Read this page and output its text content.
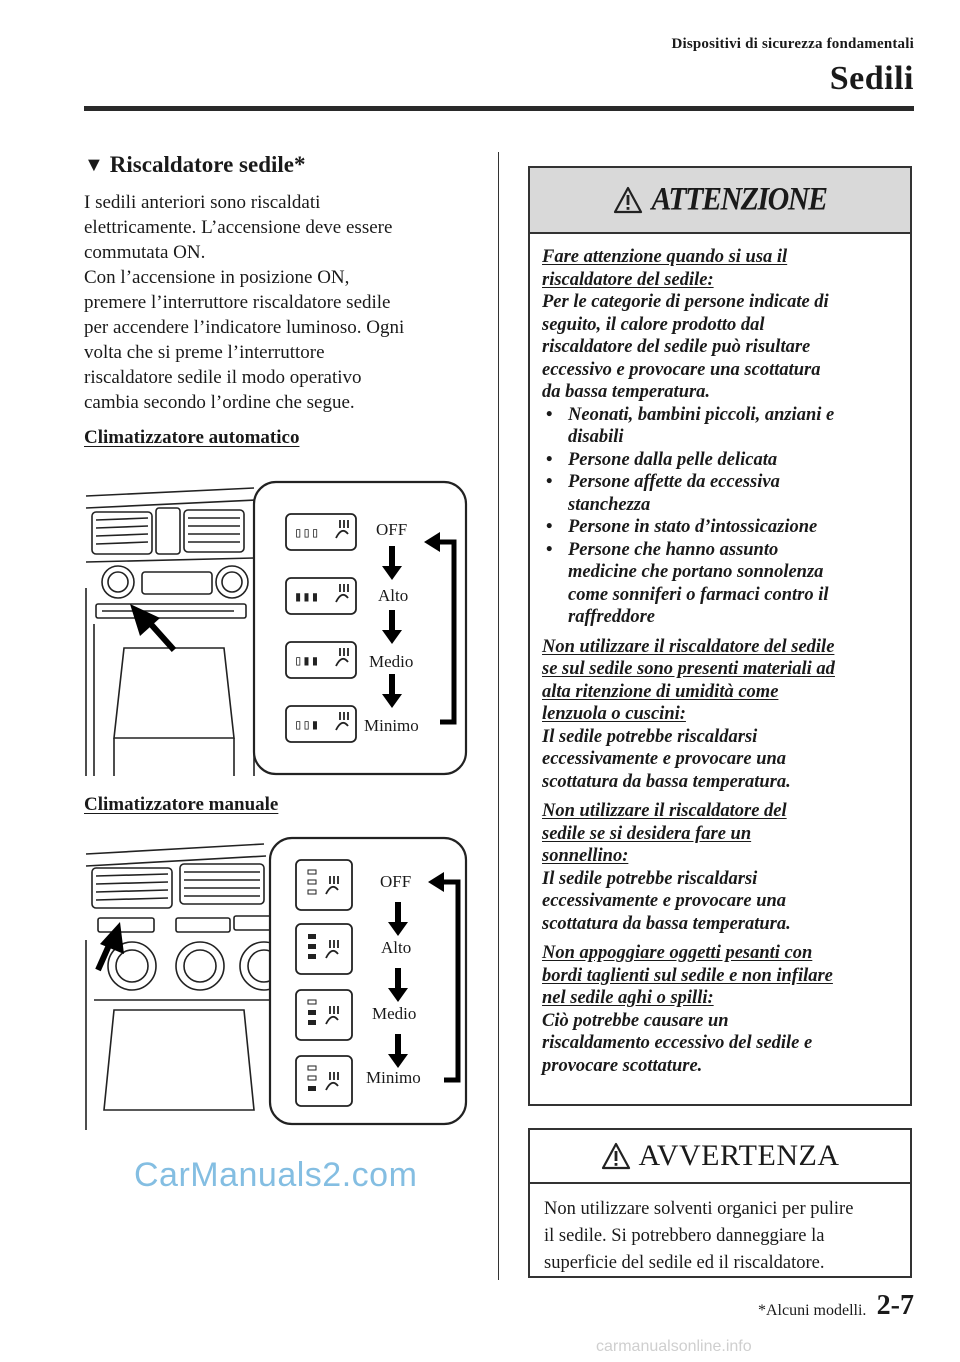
Dispositivi di sicurezza fondamentali
Sedili
▼ Riscaldatore sedile*
I sedili anteriori sono riscaldati
elettricamente. L’accensione deve essere
commutata ON.
Con l’accensione in posizione ON,
premere l’interruttore riscaldatore sedile
per accendere l’indicatore luminoso. Ogni
volta che si preme l’interruttore
riscaldatore sedile il modo operativo
cambia secondo l’ordine che segue.
Climatizzatore automatico
▯▯▯
▮▮▮
▯▮▮
▯▯▮
OFF
Alto
Medio
Minimo
Climatizzatore manuale
OFF
Alto
Medio
Minimo
ATTENZIONE
Fare attenzione quando si usa il
riscaldatore del sedile:
Per le categorie di persone indicate di
seguito, il calore prodotto dal
riscaldatore del sedile può risultare
eccessivo e provocare una scottatura
da bassa temperatura.
• Neonati, bambini piccoli, anziani e
disabili
• Persone dalla pelle delicata
• Persone affette da eccessiva
stanchezza
• Persone in stato d’intossicazione
• Persone che hanno assunto
medicine che portano sonnolenza
come sonniferi o farmaci contro il
raffreddore
Non utilizzare il riscaldatore del sedile
se sul sedile sono presenti materiali ad
alta ritenzione di umidità come
lenzuola o cuscini:
Il sedile potrebbe riscaldarsi
eccessivamente e provocare una
scottatura da bassa temperatura.
Non utilizzare il riscaldatore del
sedile se si desidera fare un
sonnellino:
Il sedile potrebbe riscaldarsi
eccessivamente e provocare una
scottatura da bassa temperatura.
Non appoggiare oggetti pesanti con
bordi taglienti sul sedile e non infilare
nel sedile aghi o spilli:
Ciò potrebbe causare un
riscaldamento eccessivo del sedile e
provocare scottature.
AVVERTENZA
Non utilizzare solventi organici per pulire
il sedile. Si potrebbero danneggiare la
superficie del sedile ed il riscaldatore.
CarManuals2.com
*Alcuni modelli. 2-7
carmanualsonline.info
